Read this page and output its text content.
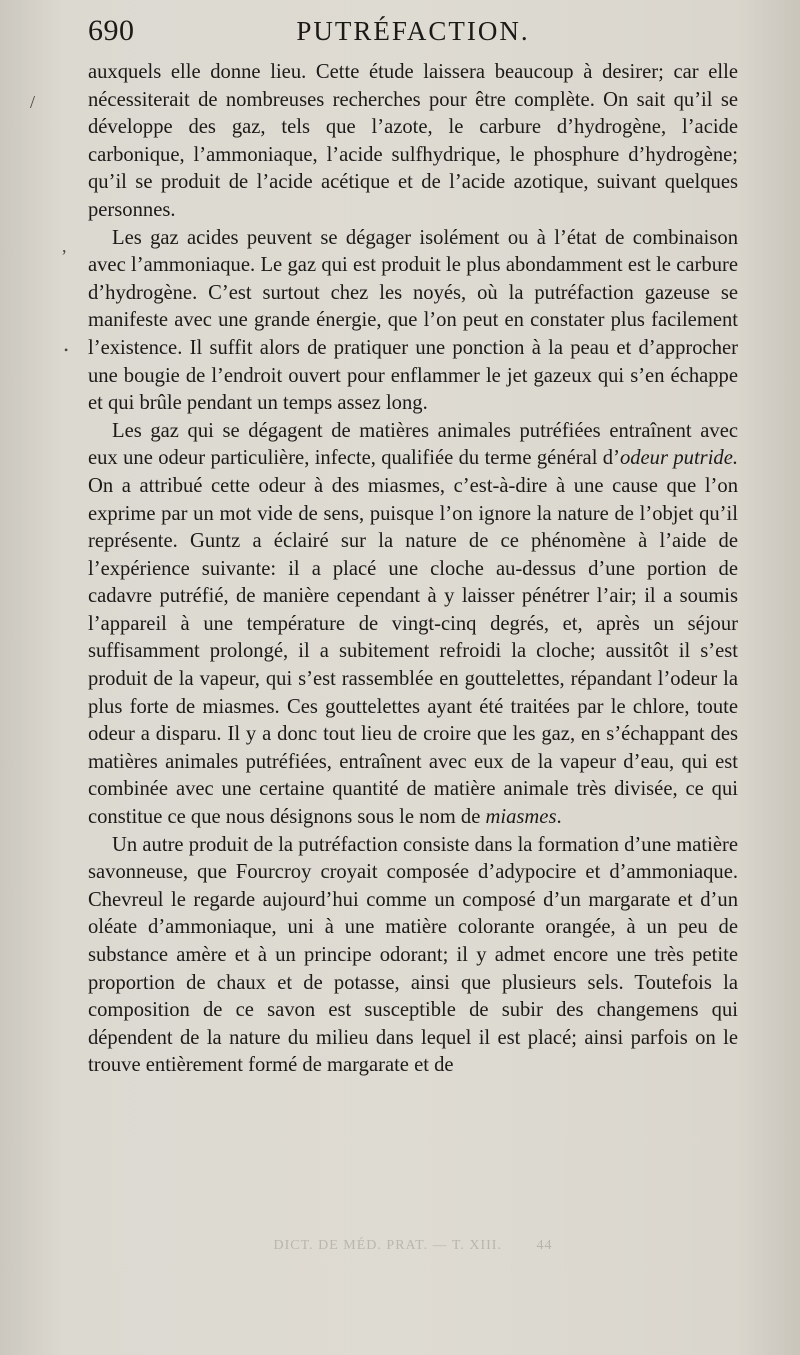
690	PUTRÉFACTION.
/
,
•

auxquels elle donne lieu. Cette étude laissera beaucoup à desirer; car elle nécessiterait de nombreuses recherches pour être complète. On sait qu’il se développe des gaz, tels que l’azote, le carbure d’hydrogène, l’acide carbonique, l’ammoniaque, l’acide sulfhydrique, le phosphure d’hydrogène; qu’il se produit de l’acide acétique et de l’acide azotique, suivant quelques personnes.

Les gaz acides peuvent se dégager isolément ou à l’état de combinaison avec l’ammoniaque. Le gaz qui est produit le plus abondamment est le carbure d’hydrogène. C’est surtout chez les noyés, où la putréfaction gazeuse se manifeste avec une grande énergie, que l’on peut en constater plus facilement l’existence. Il suffit alors de pratiquer une ponction à la peau et d’approcher une bougie de l’endroit ouvert pour enflammer le jet gazeux qui s’en échappe et qui brûle pendant un temps assez long.

Les gaz qui se dégagent de matières animales putréfiées entraînent avec eux une odeur particulière, infecte, qualifiée du terme général d’odeur putride. On a attribué cette odeur à des miasmes, c’est-à-dire à une cause que l’on exprime par un mot vide de sens, puisque l’on ignore la nature de l’objet qu’il représente. Guntz a éclairé sur la nature de ce phénomène à l’aide de l’expérience suivante: il a placé une cloche au-dessus d’une portion de cadavre putréfié, de manière cependant à y laisser pénétrer l’air; il a soumis l’appareil à une température de vingt-cinq degrés, et, après un séjour suffisamment prolongé, il a subitement refroidi la cloche; aussitôt il s’est produit de la vapeur, qui s’est rassemblée en gouttelettes, répandant l’odeur la plus forte de miasmes. Ces gouttelettes ayant été traitées par le chlore, toute odeur a disparu. Il y a donc tout lieu de croire que les gaz, en s’échappant des matières animales putréfiées, entraînent avec eux de la vapeur d’eau, qui est combinée avec une certaine quantité de matière animale très divisée, ce qui constitue ce que nous désignons sous le nom de miasmes.

Un autre produit de la putréfaction consiste dans la formation d’une matière savonneuse, que Fourcroy croyait composée d’adypocire et d’ammoniaque. Chevreul le regarde aujourd’hui comme un composé d’un margarate et d’un oléate d’ammoniaque, uni à une matière colorante orangée, à un peu de substance amère et à un principe odorant; il y admet encore une très petite proportion de chaux et de potasse, ainsi que plusieurs sels. Toutefois la composition de ce savon est susceptible de subir des changemens qui dépendent de la nature du milieu dans lequel il est placé; ainsi parfois on le trouve entièrement formé de margarate et de

DICT. DE MÉD. PRAT. — T. XIII. 44
